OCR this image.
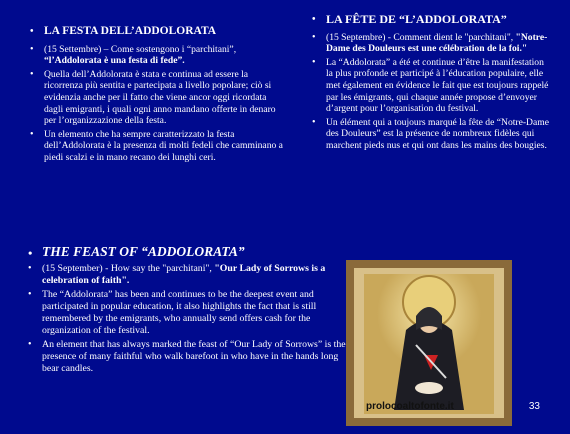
• LA FESTA DELL’ADDOLORATA
• (15 Settembre) – Come sostengono i “parchitani”, “l’Addolorata è una festa di fede”.
• Quella dell’Addolorata è stata e continua ad essere la ricorrenza più sentita e partecipata a livello popolare; ciò si evidenzia anche per il fatto che viene ancor oggi ricordata dagli emigranti, i quali ogni anno mandano offerte in denaro per l’organizzazione della festa.
• Un elemento che ha sempre caratterizzato la festa dell’Addolorata è la presenza di molti fedeli che camminano a piedi scalzi e in mano recano dei lunghi ceri.
• LA FÊTE DE “L’ADDOLORATA”
• (15 Septembre) - Comment dient le "parchitani", "Notre-Dame des Douleurs est une célébration de la foi."
• La “Addolorata” a été et continue d’être la manifestation la plus profonde et participé à l’éducation populaire, elle met également en évidence le fait que est toujours rappelé par les émigrants, qui chaque année propose d’envoyer d’argent pour l’organisation du festival.
• Un élément qui a toujours marqué la fête de “Notre-Dame des Douleurs” est la présence de nombreux fidèles qui marchent pieds nus et qui ont dans les mains des bougies.
• THE FEAST OF “ADDOLORATA”
• (15 September) - How say the "parchitani", "Our Lady of Sorrows is a celebration of faith".
• The “Addolorata” has been and continues to be the deepest event and participated in popular education, it also highlights the fact that is still remembered by the emigrants, who annually send offers cash for the organization of the festival.
• An element that has always marked the feast of “Our Lady of Sorrows” is the presence of many faithful who walk barefoot in who have in the hands long bear candles.
prolocoaltofonte.it	33
